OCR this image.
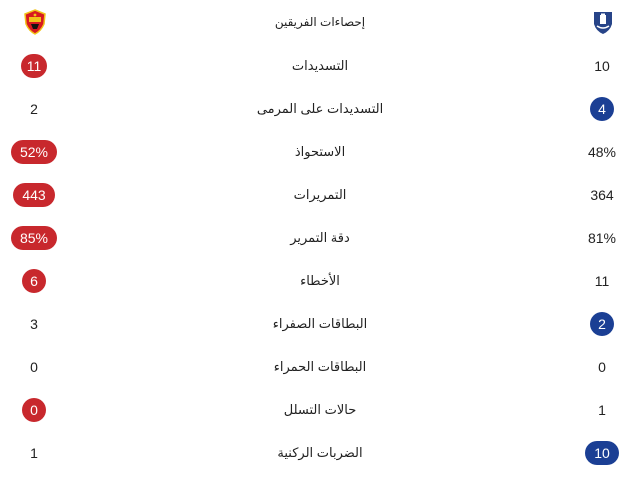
إحصاءات الفريقين
11	التسديدات	10
2	التسديدات على المرمى	4
52%	الاستحواذ	48%
443	التمريرات	364
85%	دقة التمرير	81%
6	الأخطاء	11
3	البطاقات الصفراء	2
0	البطاقات الحمراء	0
0	حالات التسلل	1
1	الضربات الركنية	10
